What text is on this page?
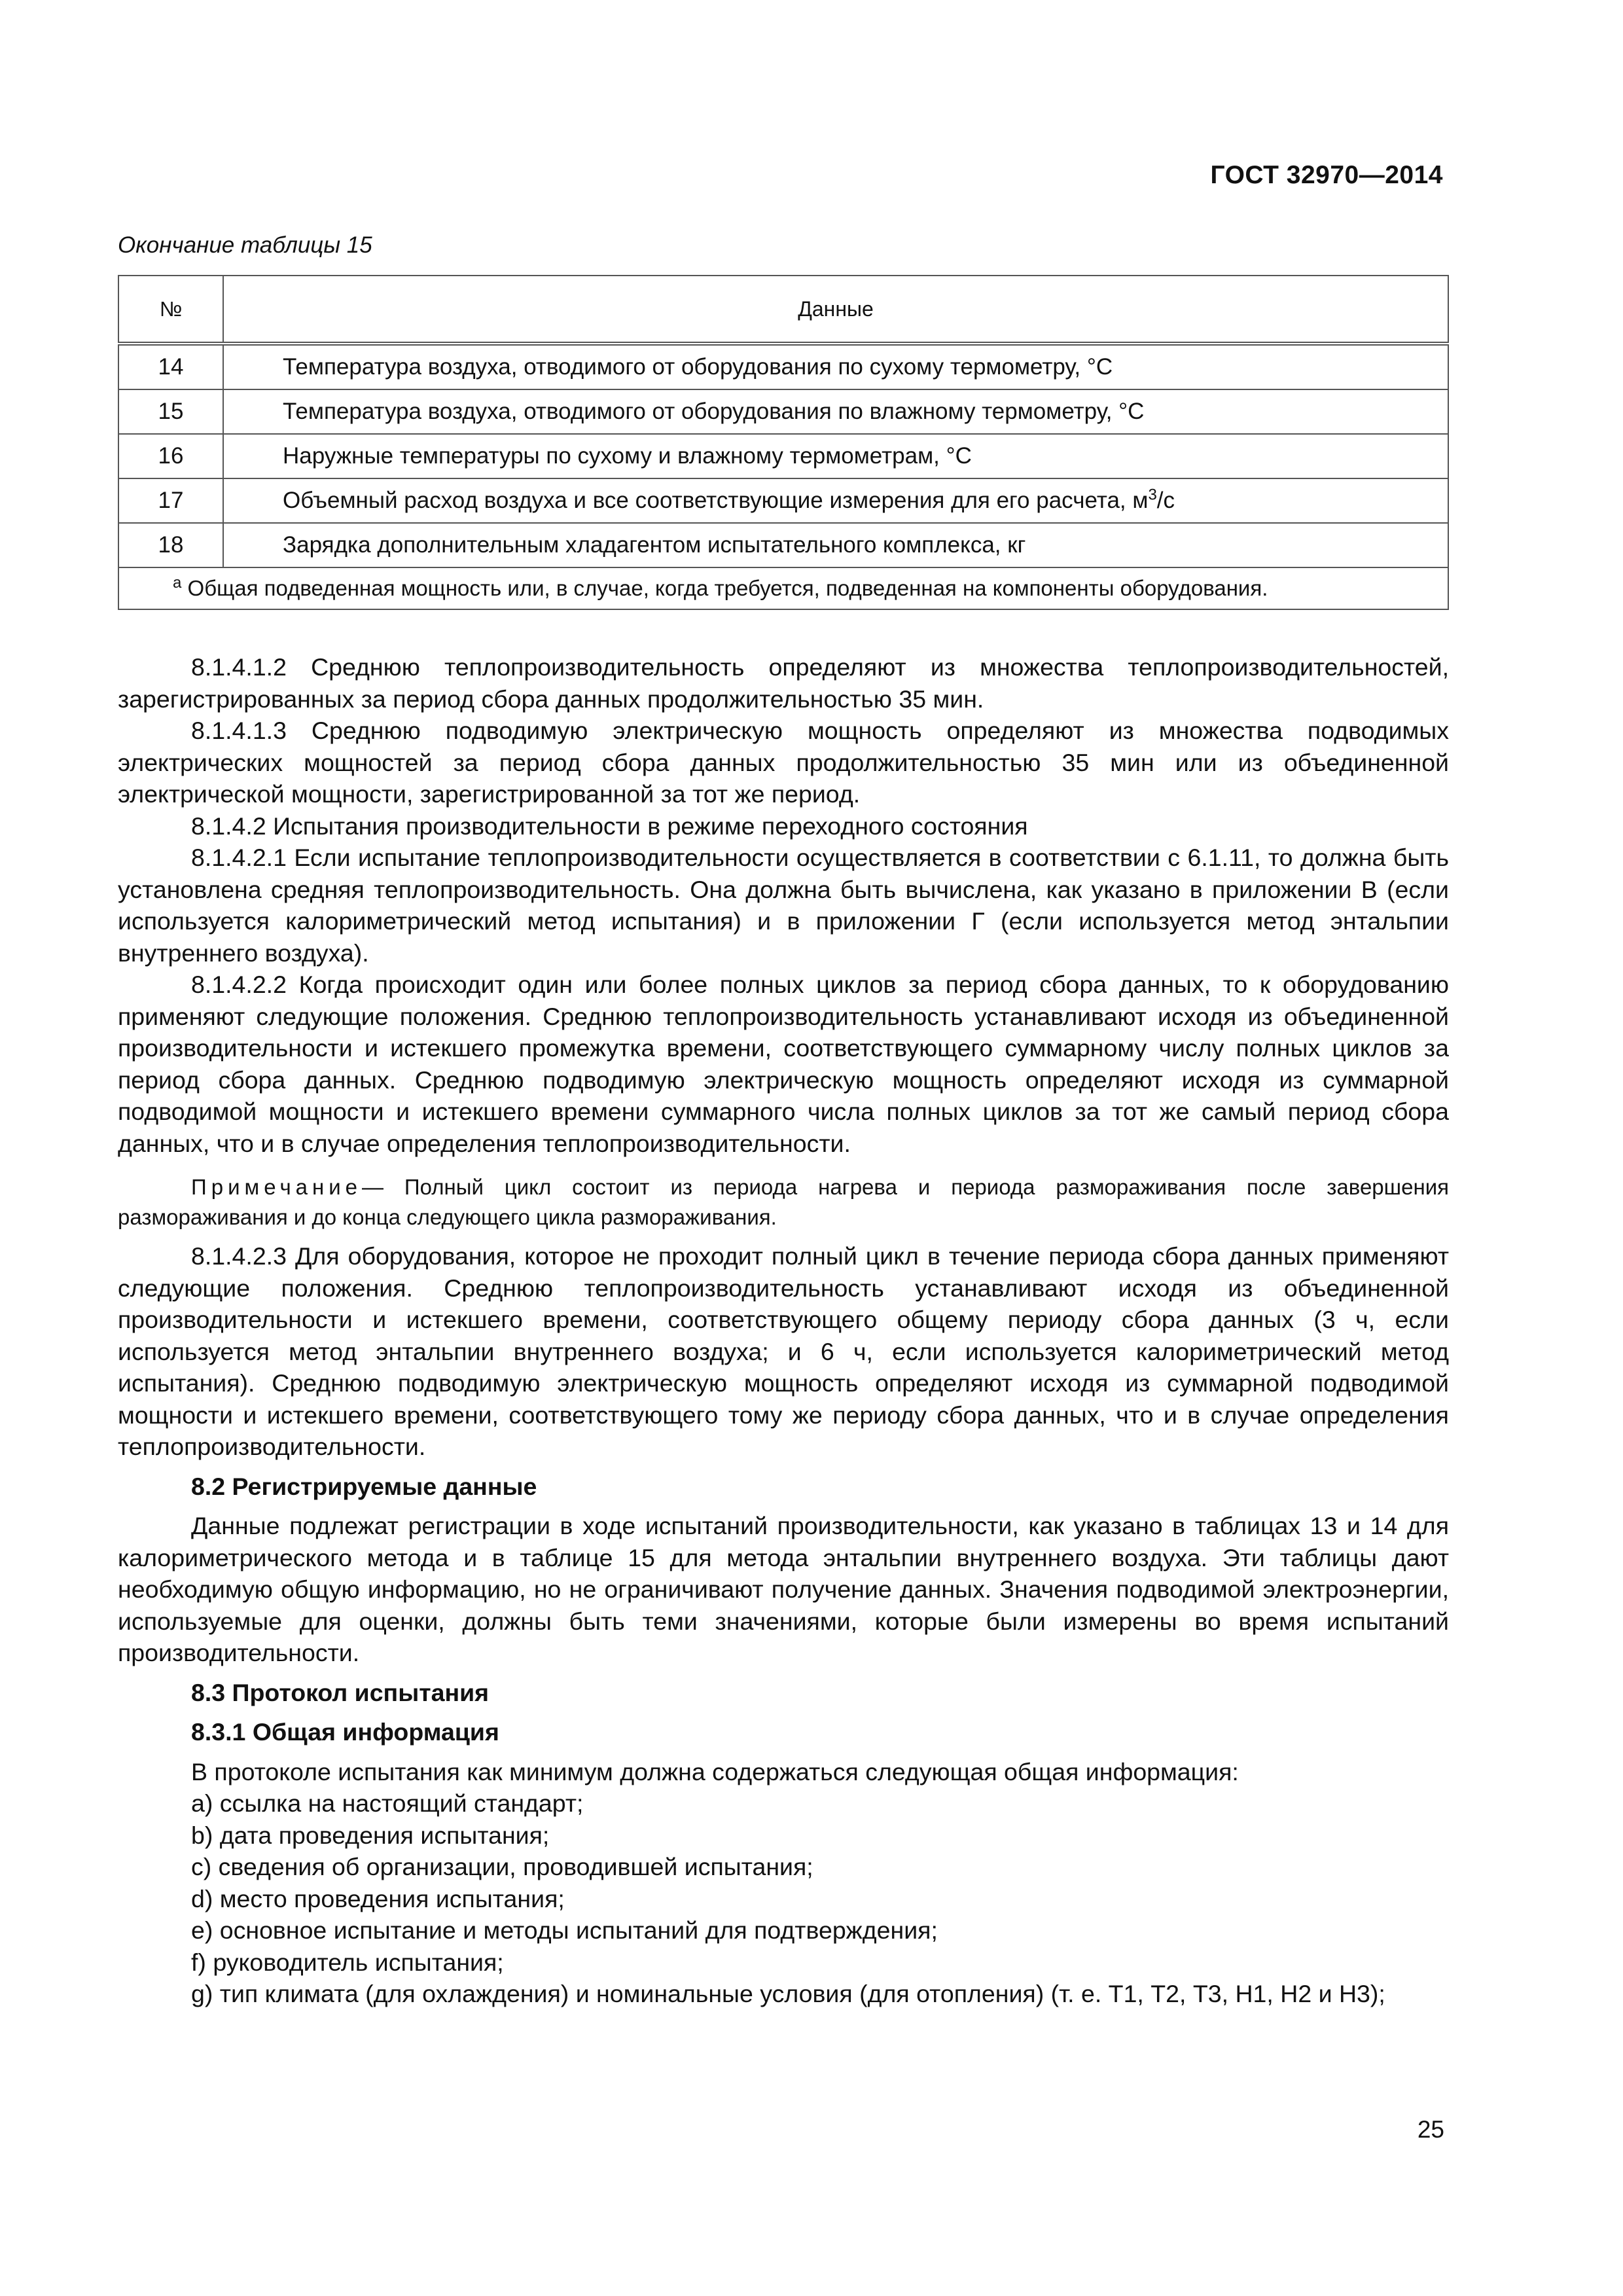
ГОСТ 32970—2014
Окончание таблицы 15
№	Данные
14	Температура воздуха, отводимого от оборудования по сухому термометру, °С
15	Температура воздуха, отводимого от оборудования по влажному термометру, °С
16	Наружные температуры по сухому и влажному термометрам, °С
17	Объемный расход воздуха и все соответствующие измерения для его расчета, $м^3/с$
18	Зарядка дополнительным хладагентом испытательного комплекса, кг
$^а$ Общая подведенная мощность или, в случае, когда требуется, подведенная на компоненты оборудования.	

8.1.4.1.2 Среднюю теплопроизводительность определяют из множества теплопроизводительностей, зарегистрированных за период сбора данных продолжительностью 35 мин.

8.1.4.1.3 Среднюю подводимую электрическую мощность определяют из множества подводимых электрических мощностей за период сбора данных продолжительностью 35 мин или из объединенной электрической мощности, зарегистрированной за тот же период.

8.1.4.2 Испытания производительности в режиме переходного состояния

8.1.4.2.1 Если испытание теплопроизводительности осуществляется в соответствии с 6.1.11, то должна быть установлена средняя теплопроизводительность. Она должна быть вычислена, как указано в приложении В (если используется калориметрический метод испытания) и в приложении Г (если используется метод энтальпии внутреннего воздуха).

8.1.4.2.2 Когда происходит один или более полных циклов за период сбора данных, то к оборудованию применяют следующие положения. Среднюю теплопроизводительность устанавливают исходя из объединенной производительности и истекшего промежутка времени, соответствующего суммарному числу полных циклов за период сбора данных. Среднюю подводимую электрическую мощность определяют исходя из суммарной подводимой мощности и истекшего времени суммарного числа полных циклов за тот же самый период сбора данных, что и в случае определения теплопроизводительности.

Примечание— Полный цикл состоит из периода нагрева и периода размораживания после завершения размораживания и до конца следующего цикла размораживания.

8.1.4.2.3 Для оборудования, которое не проходит полный цикл в течение периода сбора данных применяют следующие положения. Среднюю теплопроизводительность устанавливают исходя из объединенной производительности и истекшего времени, соответствующего общему периоду сбора данных (3 ч, если используется метод энтальпии внутреннего воздуха; и 6 ч, если используется калориметрический метод испытания). Среднюю подводимую электрическую мощность определяют исходя из суммарной подводимой мощности и истекшего времени, соответствующего тому же периоду сбора данных, что и в случае определения теплопроизводительности.

8.2 Регистрируемые данные

Данные подлежат регистрации в ходе испытаний производительности, как указано в таблицах 13 и 14 для калориметрического метода и в таблице 15 для метода энтальпии внутреннего воздуха. Эти таблицы дают необходимую общую информацию, но не ограничивают получение данных. Значения подводимой электроэнергии, используемые для оценки, должны быть теми значениями, которые были измерены во время испытаний производительности.

8.3 Протокол испытания

8.3.1 Общая информация

В протоколе испытания как минимум должна содержаться следующая общая информация:

a) ссылка на настоящий стандарт;

b) дата проведения испытания;

c) сведения об организации, проводившей испытания;

d) место проведения испытания;

e) основное испытание и методы испытаний для подтверждения;

f) руководитель испытания;

g) тип климата (для охлаждения) и номинальные условия (для отопления) (т. е. Т1, Т2, Т3, Н1, Н2 и Н3);

25
